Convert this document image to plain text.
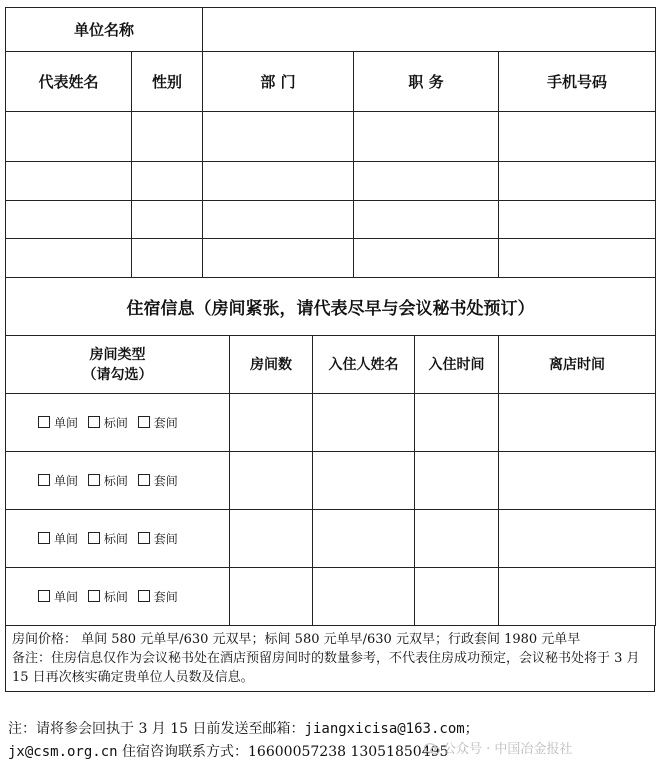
单位名称				
代表姓名	性别	部 门	职 务	手机号码

住宿信息（房间紧张，请代表尽早与会议秘书处预订）				
房间类型
（请勾选）	房间数	入住人姓名	入住时间	离店时间
单间 标间 套间				
单间 标间 套间				
单间 标间 套间				
单间 标间 套间				
房间价格： 单间 580 元单早/630 元双早；标间 580 元单早/630 元双早；行政套间 1980 元单早
备注：住房信息仅作为会议秘书处在酒店预留房间时的数量参考，不代表住房成功预定，会议秘书处将于 3 月 15 日再次核实确定贵单位人员数及信息。
注：请将参会回执于 3 月 15 日前发送至邮箱：jiangxicisa@163.com；
jx@csm.org.cn 住宿咨询联系方式：16600057238 13051850495
公众号 · 中国冶金报社
